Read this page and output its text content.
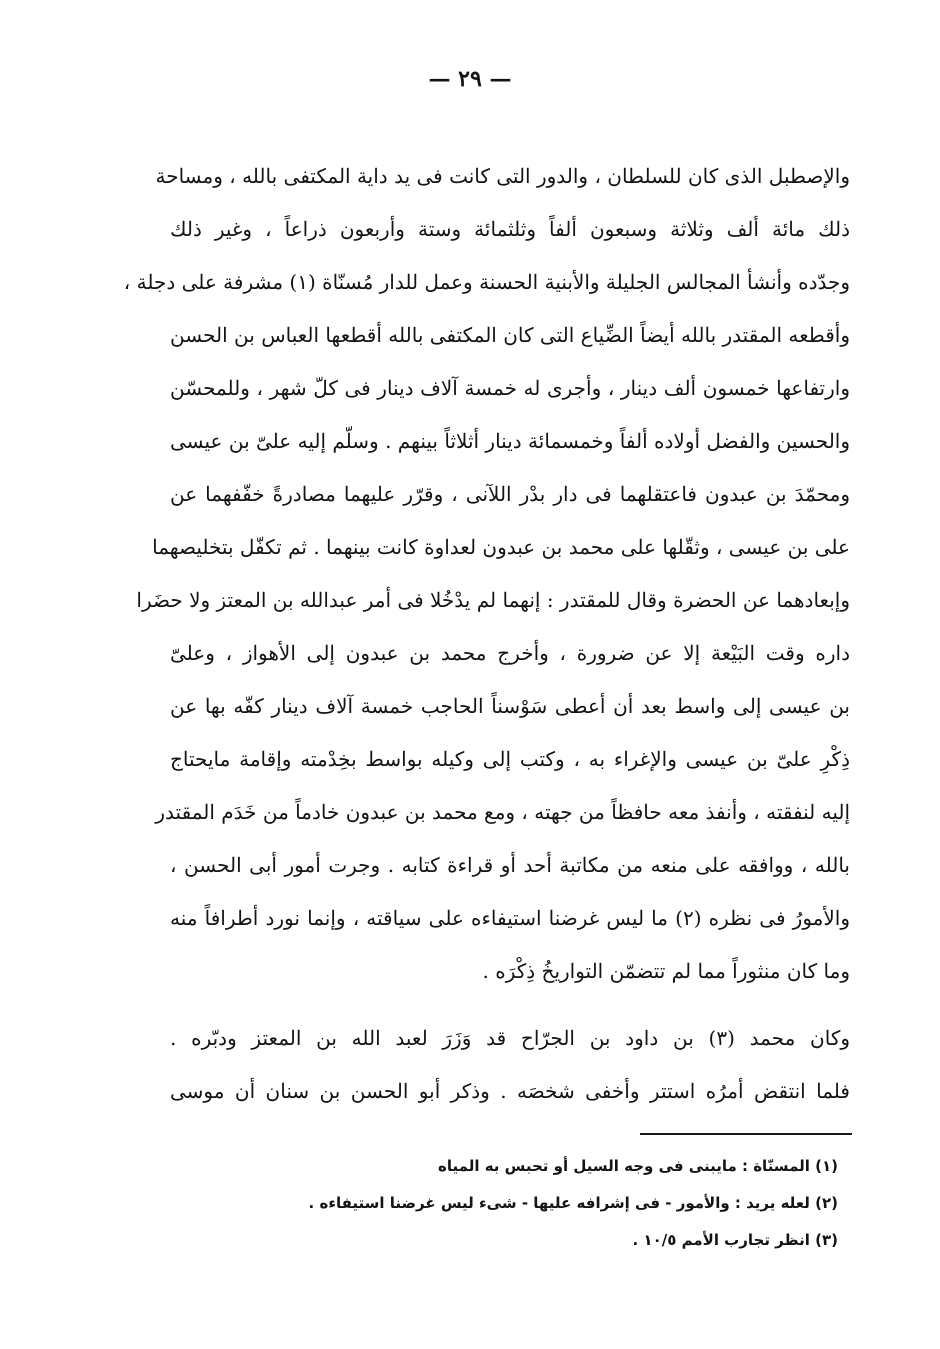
— ٢٩ —
والإصطبل الذى كان للسلطان ، والدور التى كانت فى يد داية المكتفى بالله ، ومساحة
ذلك مائة ألف وثلاثة وسبعون ألفاً وثلثمائة وستة وأربعون ذراعاً ، وغير ذلك
وجدّده وأنشأ المجالس الجليلة والأبنية الحسنة وعمل للدار مُسنّاة (١) مشرفة على دجلة ،
وأقطعه المقتدر بالله أيضاً الضِّياع التى كان المكتفى بالله أقطعها العباس بن الحسن
وارتفاعها خمسون ألف دينار ، وأجرى له خمسة آلاف دينار فى كلّ شهر ، وللمحسّن
والحسين والفضل أولاده ألفاً وخمسمائة دينار أثلاثاً بينهم . وسلّم إليه علىّ بن عيسى
ومحمّدَ بن عبدون فاعتقلهما فى دار بدْر اللآنى ، وقرّر عليهما مصادرةً خفّفهما عن
على بن عيسى ، وثقّلها على محمد بن عبدون لعداوة كانت بينهما . ثم تكفّل بتخليصهما
وإبعادهما عن الحضرة وقال للمقتدر : إنهما لم يدْخُلا فى أمر عبدالله بن المعتز ولا حضَرا
داره وقت البَيْعة إلا عن ضرورة ، وأخرج محمد بن عبدون إلى الأهواز ، وعلىّ
بن عيسى إلى واسط بعد أن أعطى سَوْسناً الحاجب خمسة آلاف دينار كفّه بها عن
ذِكْرِ علىّ بن عيسى والإغراء به ، وكتب إلى وكيله بواسط بخِدْمته وإقامة مايحتاج
إليه لنفقته ، وأنفذ معه حافظاً من جهته ، ومع محمد بن عبدون خادماً من خَدَم المقتدر
بالله ، ووافقه على منعه من مكاتبة أحد أو قراءة كتابه . وجرت أمور أبى الحسن ،
والأمورُ فى نظره (٢) ما ليس غرضنا استيفاءه على سياقته ، وإنما نورد أطرافاً منه
وما كان منثوراً مما لم تتضمّن التواريخُ ذِكْرَه .
وكان محمد (٣) بن داود بن الجرّاح قد وَزَرَ لعبد الله بن المعتز ودبّره .
فلما انتقض أمرُه استتر وأخفى شخصَه . وذكر أبو الحسن بن سنان أن موسى
(١) المسنّاة : مايبنى فى وجه السيل أو تحبس به المياه
(٢) لعله يريد : والأمور - فى إشرافه عليها - شىء ليس غرضنا استيفاءه .
(٣) انظر تجارب الأمم ١٠/٥ .
